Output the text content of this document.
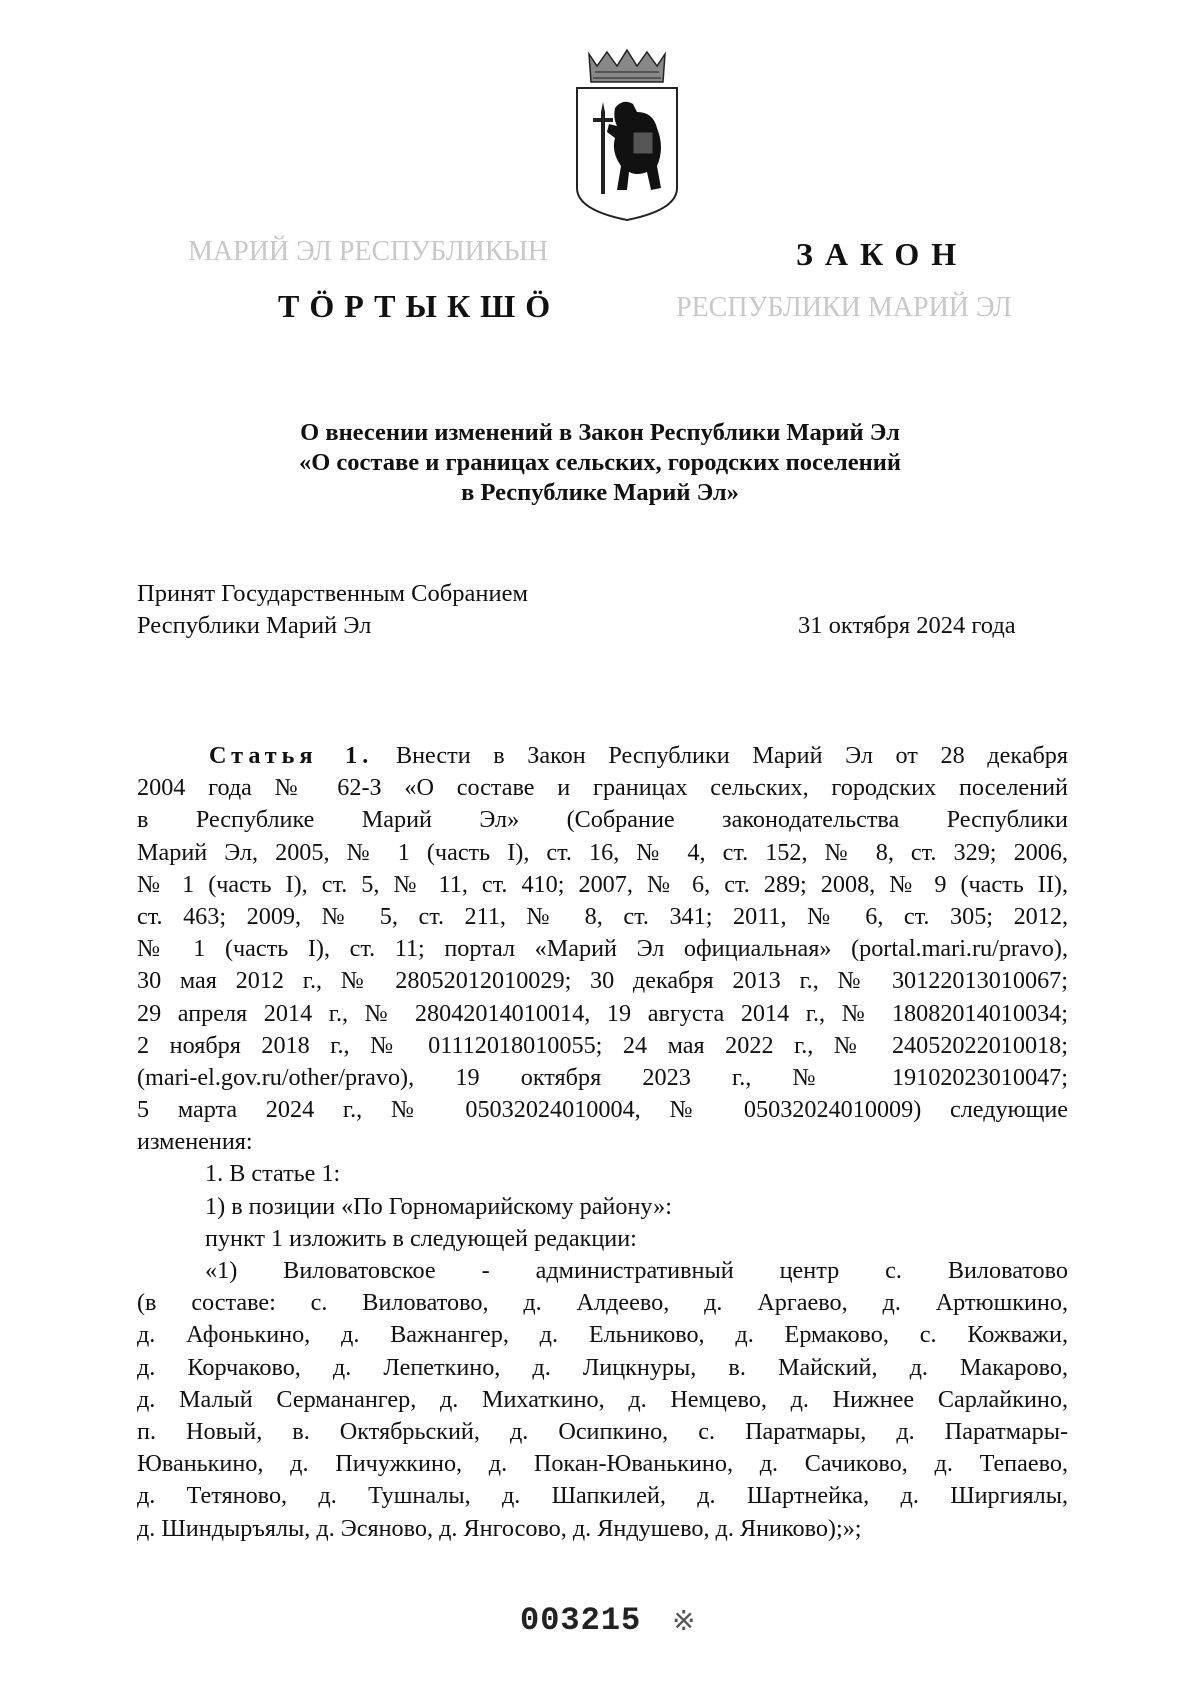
МАРИЙ ЭЛ РЕСПУБЛИКЫН
ТӦРТЫКШӦ
ЗАКОН
РЕСПУБЛИКИ МАРИЙ ЭЛ
О внесении изменений в Закон Республики Марий Эл
«О составе и границах сельских, городских поселений
в Республике Марий Эл»
Принят Государственным Собранием
Республики Марий Эл	31 октября 2024 года
Статья 1. Внести в Закон Республики Марий Эл от 28 декабря
2004 года № 62-З «О составе и границах сельских, городских поселений
в Республике Марий Эл» (Собрание законодательства Республики
Марий Эл, 2005, № 1 (часть I), ст. 16, № 4, ст. 152, № 8, ст. 329; 2006,
№ 1 (часть I), ст. 5, № 11, ст. 410; 2007, № 6, ст. 289; 2008, № 9 (часть II),
ст. 463; 2009, № 5, ст. 211, № 8, ст. 341; 2011, № 6, ст. 305; 2012,
№ 1 (часть I), ст. 11; портал «Марий Эл официальная» (portal.mari.ru/pravo),
30 мая 2012 г., № 28052012010029; 30 декабря 2013 г., № 30122013010067;
29 апреля 2014 г., № 28042014010014, 19 августа 2014 г., № 18082014010034;
2 ноября 2018 г., № 01112018010055; 24 мая 2022 г., № 24052022010018;
(mari-el.gov.ru/other/pravo), 19 октября 2023 г., № 19102023010047;
5 марта 2024 г., № 05032024010004, № 05032024010009) следующие
изменения:
1. В статье 1:
1) в позиции «По Горномарийскому району»:
пункт 1 изложить в следующей редакции:
«1) Виловатовское - административный центр с. Виловатово
(в составе: с. Виловатово, д. Алдеево, д. Аргаево, д. Артюшкино,
д. Афонькино, д. Важнангер, д. Ельниково, д. Ермаково, с. Кожважи,
д. Корчаково, д. Лепеткино, д. Лицкнуры, в. Майский, д. Макарово,
д. Малый Серманангер, д. Михаткино, д. Немцево, д. Нижнее Сарлайкино,
п. Новый, в. Октябрьский, д. Осипкино, с. Паратмары, д. Паратмары-
Юванькино, д. Пичужкино, д. Покан-Юванькино, д. Сачиково, д. Тепаево,
д. Тетяново, д. Тушналы, д. Шапкилей, д. Шартнейка, д. Ширгиялы,
д. Шиндыръялы, д. Эсяново, д. Янгосово, д. Яндушево, д. Яниково);»;
003215 ※
